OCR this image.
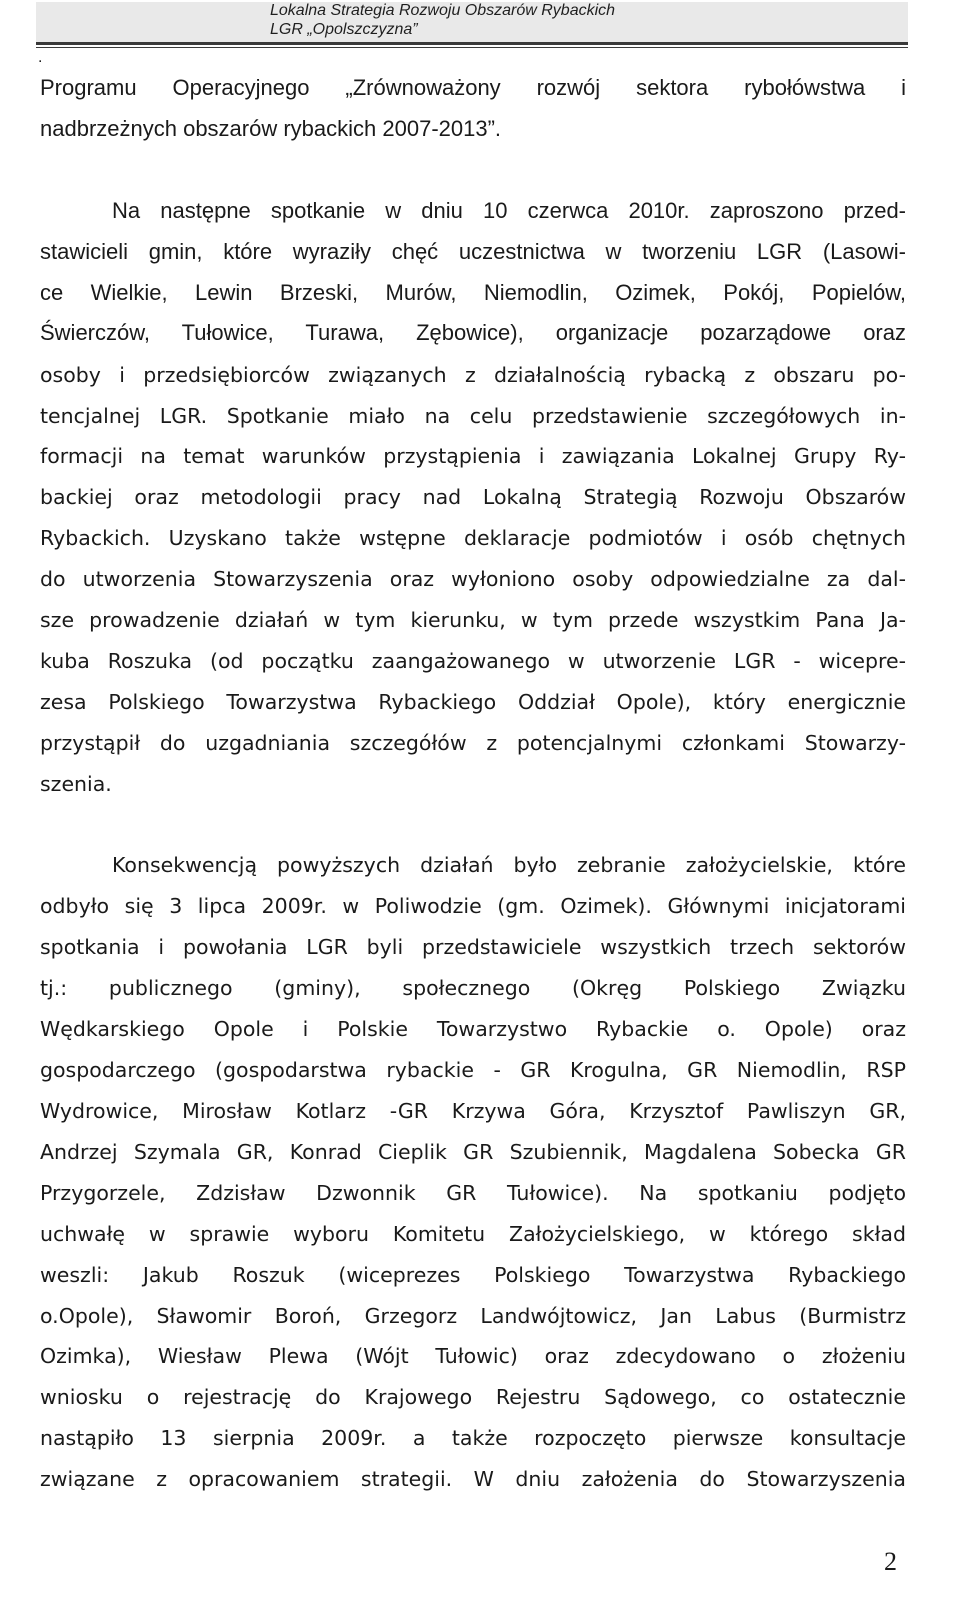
Lokalna Strategia Rozwoju Obszarów Rybackich
LGR „Opolszczyzna”
.
Programu Operacyjnego „Zrównoważony rozwój sektora rybołówstwa i
nadbrzeżnych obszarów rybackich 2007-2013”.
Na następne spotkanie w dniu 10 czerwca 2010r. zaproszono przed-
stawicieli gmin, które wyraziły chęć uczestnictwa w tworzeniu LGR (Lasowi-
ce Wielkie, Lewin Brzeski, Murów, Niemodlin, Ozimek, Pokój, Popielów,
Świerczów, Tułowice, Turawa, Zębowice), organizacje pozarządowe oraz
osoby i przedsiębiorców związanych z działalnością rybacką z obszaru po-
tencjalnej LGR. Spotkanie miało na celu przedstawienie szczegółowych in-
formacji na temat warunków przystąpienia i zawiązania Lokalnej Grupy Ry-
backiej oraz metodologii pracy nad Lokalną Strategią Rozwoju Obszarów
Rybackich. Uzyskano także wstępne deklaracje podmiotów i osób chętnych
do utworzenia Stowarzyszenia oraz wyłoniono osoby odpowiedzialne za dal-
sze prowadzenie działań w tym kierunku, w tym przede wszystkim Pana Ja-
kuba Roszuka (od początku zaangażowanego w utworzenie LGR - wicepre-
zesa Polskiego Towarzystwa Rybackiego Oddział Opole), który energicznie
przystąpił do uzgadniania szczegółów z potencjalnymi członkami Stowarzy-
szenia.
Konsekwencją powyższych działań było zebranie założycielskie, które
odbyło się 3 lipca 2009r. w Poliwodzie (gm. Ozimek). Głównymi inicjatorami
spotkania i powołania LGR byli przedstawiciele wszystkich trzech sektorów
tj.: publicznego (gminy), społecznego (Okręg Polskiego Związku
Wędkarskiego Opole i Polskie Towarzystwo Rybackie o. Opole) oraz
gospodarczego (gospodarstwa rybackie - GR Krogulna, GR Niemodlin, RSP
Wydrowice, Mirosław Kotlarz -GR Krzywa Góra, Krzysztof Pawliszyn GR,
Andrzej Szymala GR, Konrad Cieplik GR Szubiennik, Magdalena Sobecka GR
Przygorzele, Zdzisław Dzwonnik GR Tułowice). Na spotkaniu podjęto
uchwałę w sprawie wyboru Komitetu Założycielskiego, w którego skład
weszli: Jakub Roszuk (wiceprezes Polskiego Towarzystwa Rybackiego
o.Opole), Sławomir Boroń, Grzegorz Landwójtowicz, Jan Labus (Burmistrz
Ozimka), Wiesław Plewa (Wójt Tułowic) oraz zdecydowano o złożeniu
wniosku o rejestrację do Krajowego Rejestru Sądowego, co ostatecznie
nastąpiło 13 sierpnia 2009r. a także rozpoczęto pierwsze konsultacje
związane z opracowaniem strategii. W dniu założenia do Stowarzyszenia
2
